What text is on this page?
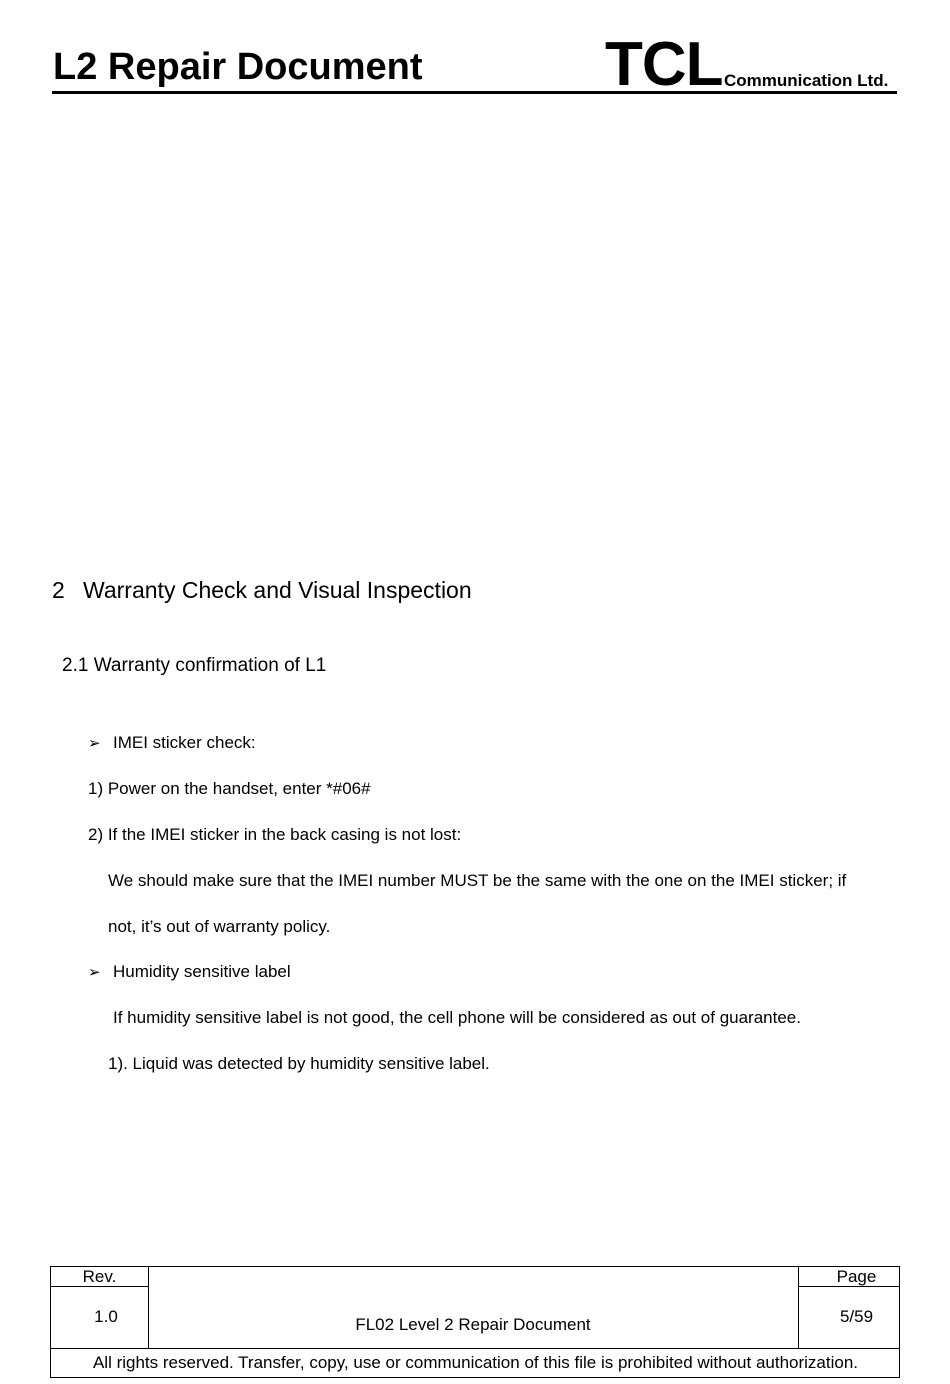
L2 Repair Document	TCL Communication Ltd.
2 Warranty Check and Visual Inspection
2.1 Warranty confirmation of L1
➢ IMEI sticker check:
1) Power on the handset, enter *#06#
2) If the IMEI sticker in the back casing is not lost:
We should make sure that the IMEI number MUST be the same with the one on the IMEI sticker; if
not, it’s out of warranty policy.
➢ Humidity sensitive label
If humidity sensitive label is not good, the cell phone will be considered as out of guarantee.
1). Liquid was detected by humidity sensitive label.
Rev.
1.0	FL02 Level 2 Repair Document
Page
5/59
All rights reserved. Transfer, copy, use or communication of this file is prohibited without authorization.
